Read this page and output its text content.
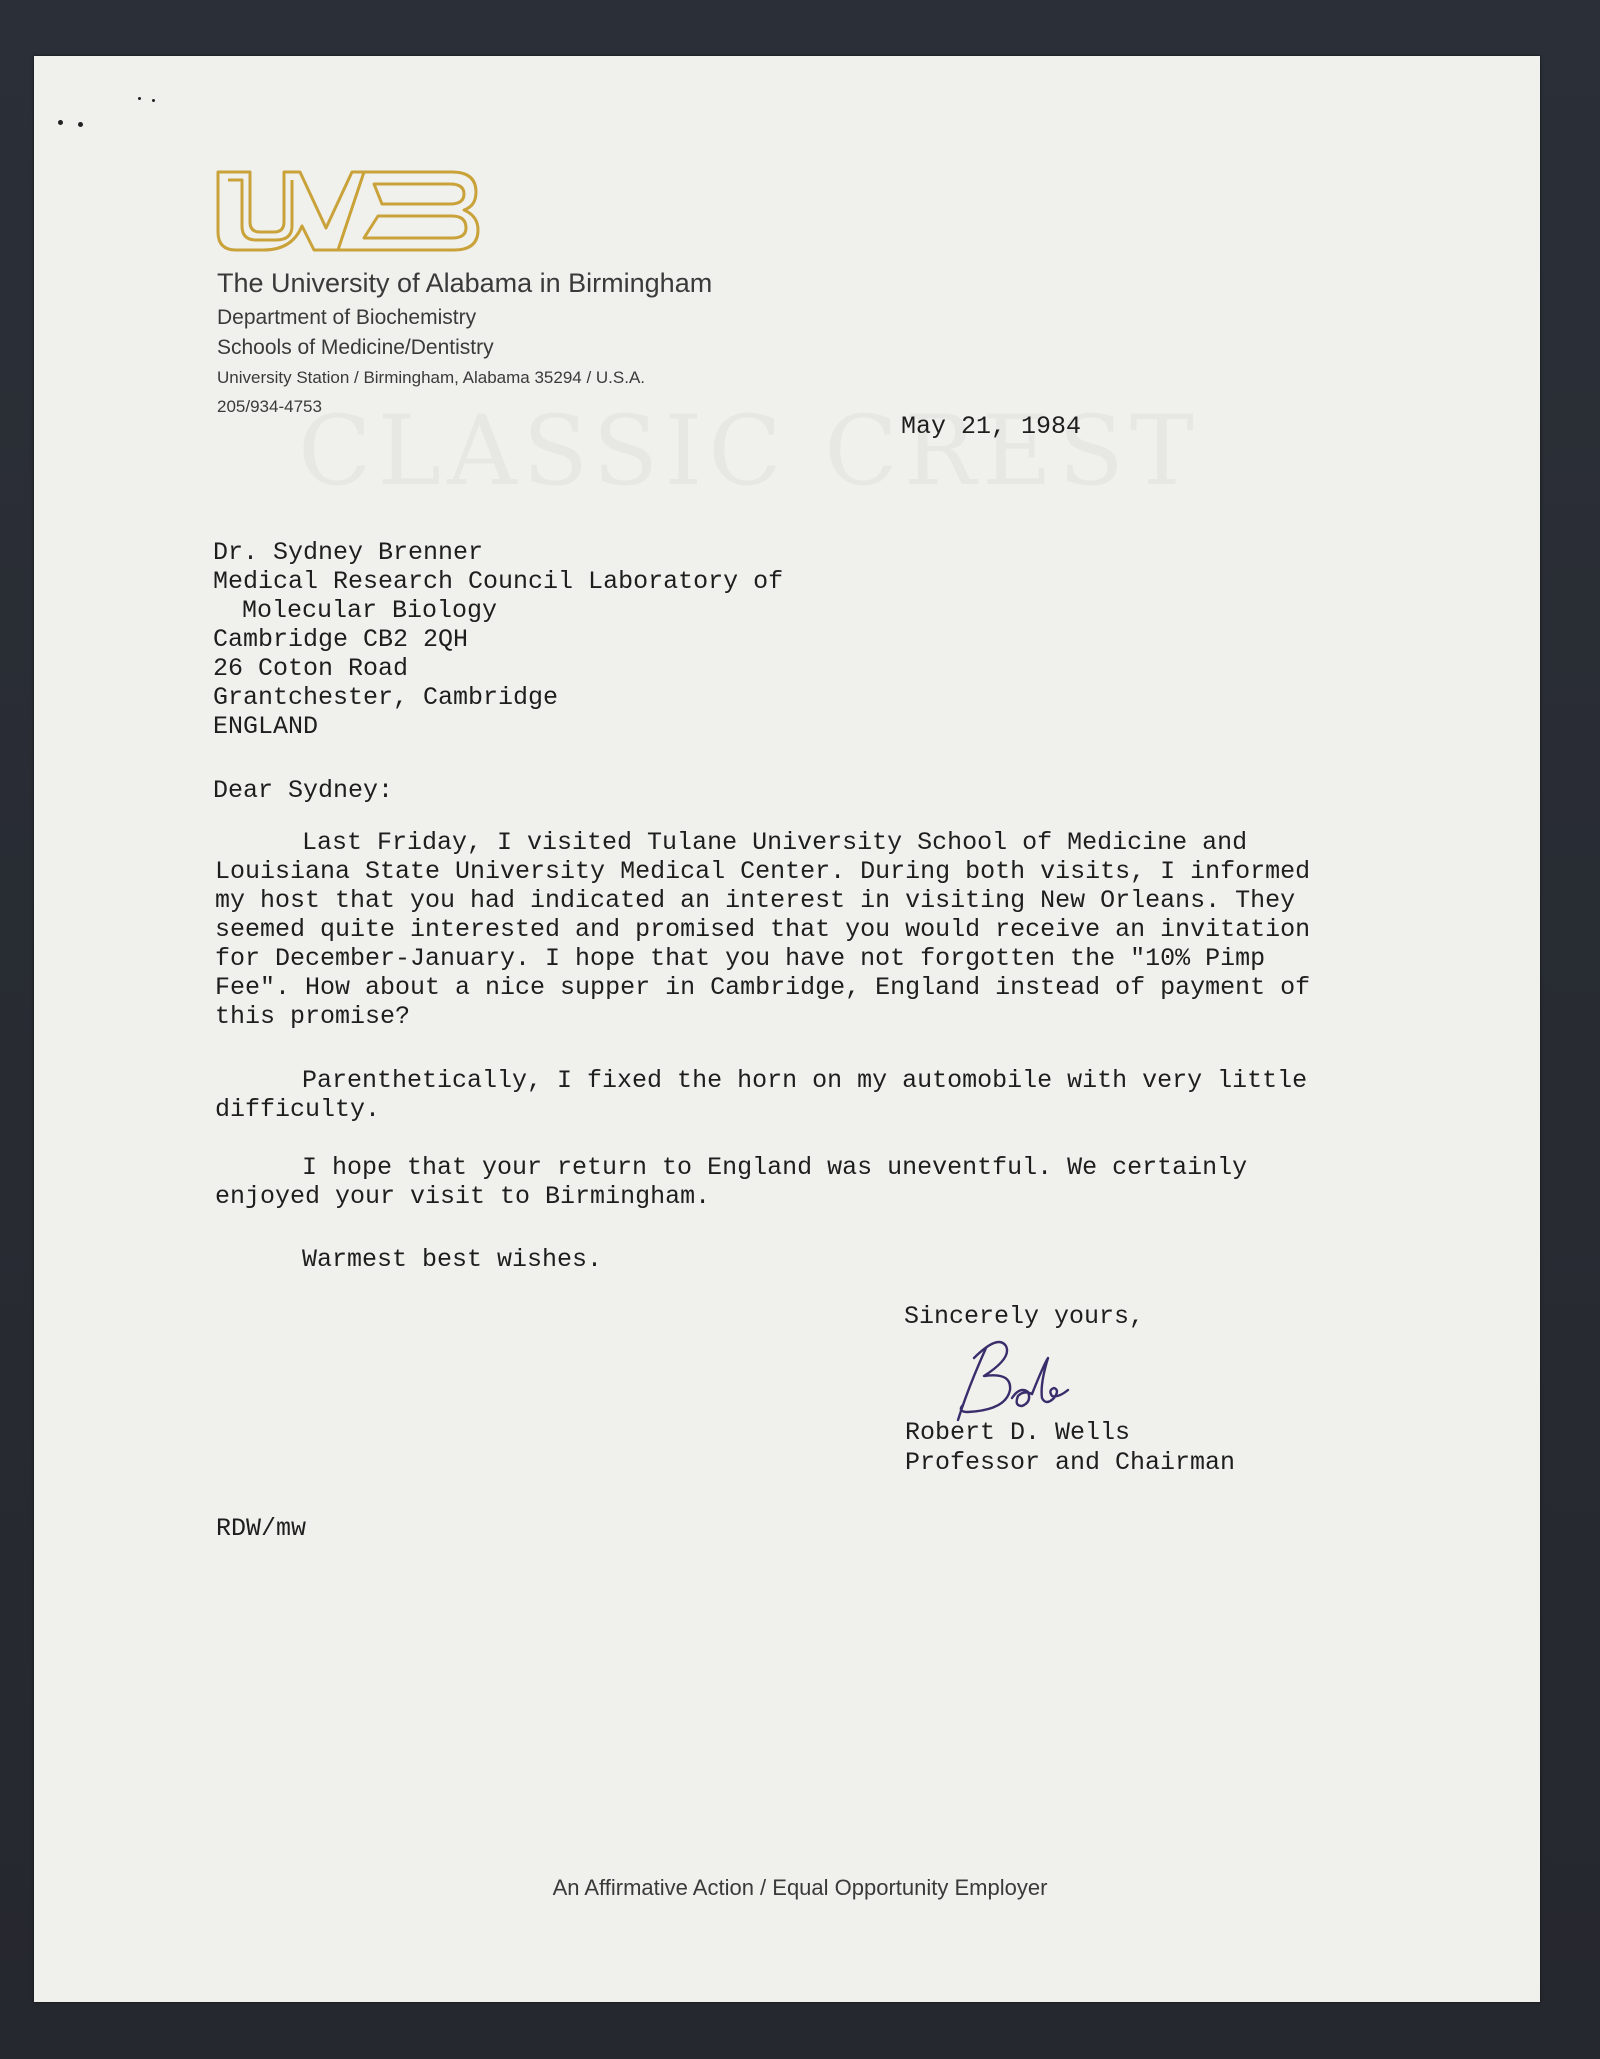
The University of Alabama in Birmingham
Department of Biochemistry
Schools of Medicine/Dentistry
University Station / Birmingham, Alabama 35294 / U.S.A.
205/934-4753
May 21, 1984
Dr. Sydney Brenner
Medical Research Council Laboratory of
Molecular Biology
Cambridge CB2 2QH
26 Coton Road
Grantchester, Cambridge
ENGLAND
Dear Sydney:
Last Friday, I visited Tulane University School of Medicine and
Louisiana State University Medical Center. During both visits, I informed
my host that you had indicated an interest in visiting New Orleans. They
seemed quite interested and promised that you would receive an invitation
for December-January. I hope that you have not forgotten the "10% Pimp
Fee". How about a nice supper in Cambridge, England instead of payment of
this promise?
Parenthetically, I fixed the horn on my automobile with very little
difficulty.
I hope that your return to England was uneventful. We certainly
enjoyed your visit to Birmingham.
Warmest best wishes.
Sincerely yours,
Robert D. Wells
Professor and Chairman
RDW/mw
An Affirmative Action / Equal Opportunity Employer
